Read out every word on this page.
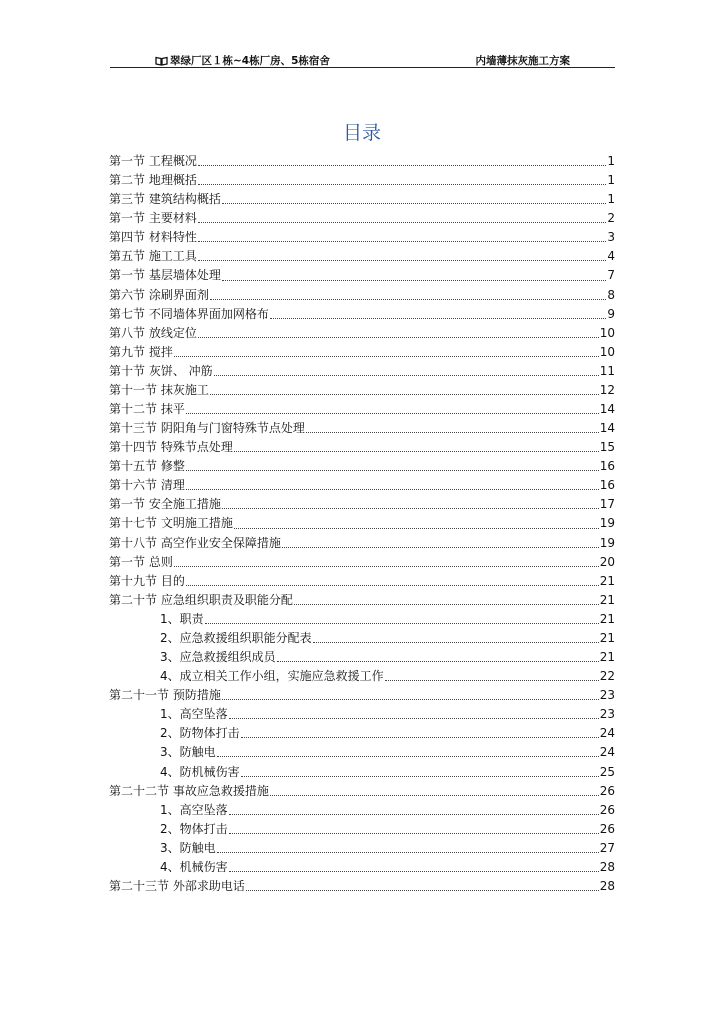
翠绿厂区１栋~4栋厂房、5栋宿舍	内墙薄抹灰施工方案
目录
第一节 工程概况	1
第二节 地理概括	1
第三节 建筑结构概括	1
第一节 主要材料	2
第四节 材料特性	3
第五节 施工工具	4
第一节 基层墙体处理	7
第六节 涂刷界面剂	8
第七节 不同墙体界面加网格布	9
第八节 放线定位	10
第九节 搅拌	10
第十节 灰饼、 冲筋	11
第十一节 抹灰施工	12
第十二节 抹平	14
第十三节 阴阳角与门窗特殊节点处理	14
第十四节 特殊节点处理	15
第十五节 修整	16
第十六节 清理	16
第一节 安全施工措施	17
第十七节 文明施工措施	19
第十八节 高空作业安全保障措施	19
第一节 总则	20
第十九节 目的	21
第二十节 应急组织职责及职能分配	21
1、职责	21
2、应急救援组织职能分配表	21
3、应急救援组织成员	21
4、成立相关工作小组，实施应急救援工作	22
第二十一节 预防措施	23
1、高空坠落	23
2、防物体打击	24
3、防触电	24
4、防机械伤害	25
第二十二节 事故应急救援措施	26
1、高空坠落	26
2、物体打击	26
3、防触电	27
4、机械伤害	28
第二十三节 外部求助电话	28
